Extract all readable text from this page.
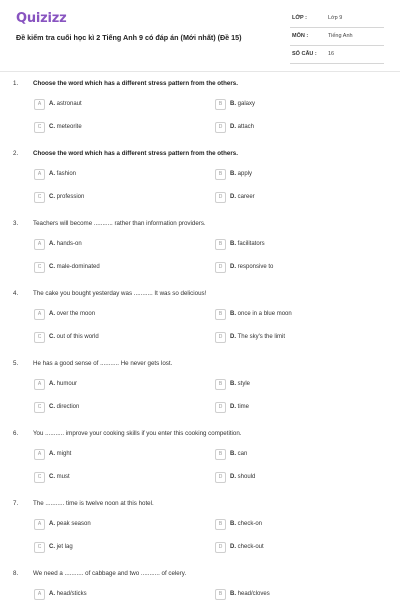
Quizizz
Đề kiểm tra cuối học kì 2 Tiếng Anh 9 có đáp án (Mới nhất) (Đề 15)
LỚP :	Lớp 9
MÔN :	Tiếng Anh
SỐ CÂU : 16
1. Choose the word which has a different stress pattern from the others.
A	A. astronaut	B	B. galaxy
C	C. meteorite	D	D. attach
2. Choose the word which has a different stress pattern from the others.
A	A. fashion	B	B. apply
C	C. profession	D	D. career
3. Teachers will become ........... rather than information providers.
A	A. hands-on	B	B. facilitators
C	C. male-dominated	D	D. responsive to
4. The cake you bought yesterday was ........... It was so delicious!
A	A. over the moon	B	B. once in a blue moon
C	C. out of this world	D	D. The sky's the limit
5. He has a good sense of ........... He never gets lost.
A	A. humour	B	B. style
C	C. direction	D	D. time
6. You ........... improve your cooking skills if you enter this cooking competition.
A	A. might	B	B. can
C	C. must	D	D. should
7. The ........... time is twelve noon at this hotel.
A	A. peak season	B	B. check-on
C	C. jet lag	D	D. check-out
8. We need a ........... of cabbage and two ........... of celery.
A	A. head/sticks	B	B. head/cloves
